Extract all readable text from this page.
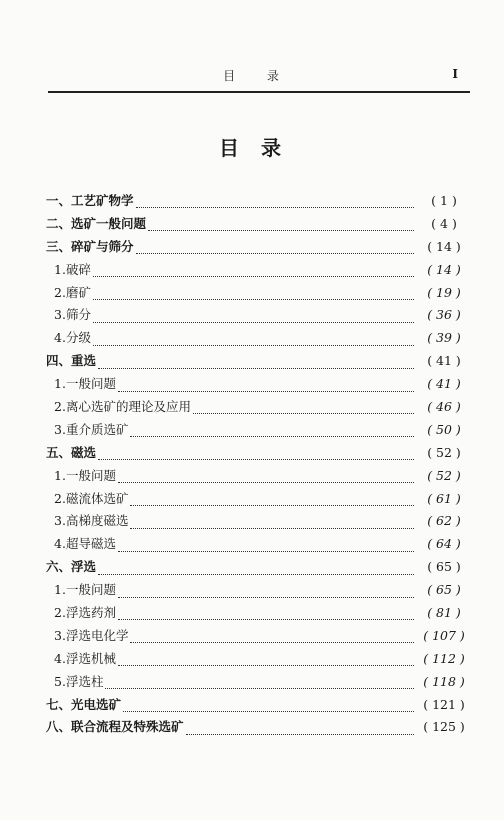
目 录	I
目录
一、 工艺矿物学	( 1 )
二、 选矿一般问题	( 4 )
三、 碎矿与筛分	( 14 )
1. 破碎	( 14 )
2. 磨矿	( 19 )
3. 筛分	( 36 )
4. 分级	( 39 )
四、 重选	( 41 )
1. 一般问题	( 41 )
2. 离心选矿的理论及应用	( 46 )
3. 重介质选矿	( 50 )
五、 磁选	( 52 )
1. 一般问题	( 52 )
2. 磁流体选矿	( 61 )
3. 高梯度磁选	( 62 )
4. 超导磁选	( 64 )
六、 浮选	( 65 )
1. 一般问题	( 65 )
2. 浮选药剂	( 81 )
3. 浮选电化学	( 107 )
4. 浮选机械	( 112 )
5. 浮选柱	( 118 )
七、 光电选矿	( 121 )
八、 联合流程及特殊选矿	( 125 )
